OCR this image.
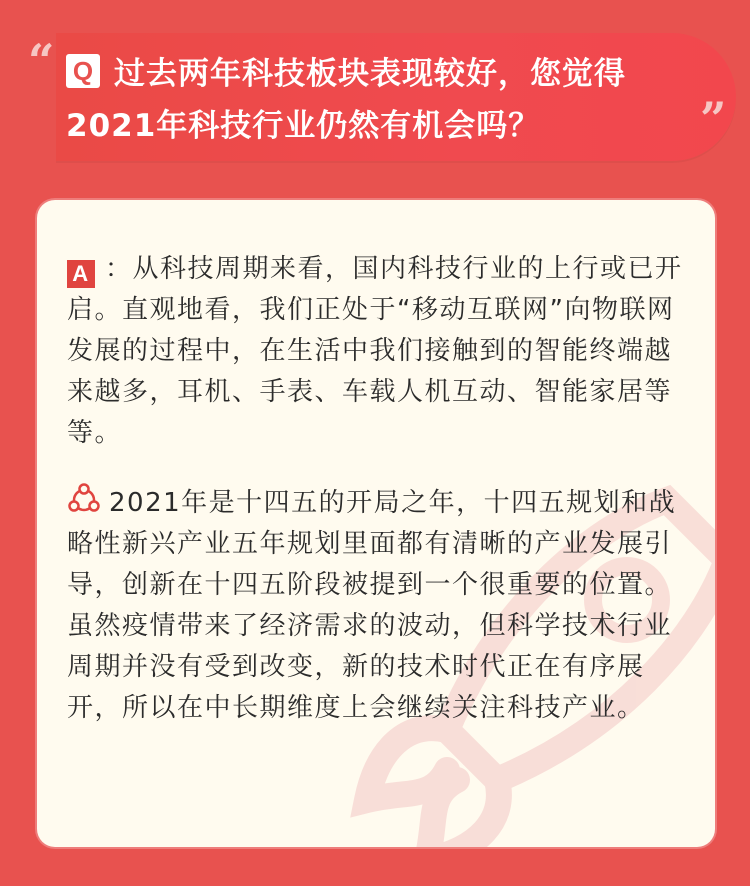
“ Q 过去两年科技板块表现较好，您觉得2021年科技行业仍然有机会吗？	”
A ：从科技周期来看，国内科技行业的上行或已开启。直观地看，我们正处于“移动互联网”向物联网发展的过程中，在生活中我们接触到的智能终端越来越多，耳机、手表、车载人机互动、智能家居等等。
2021年是十四五的开局之年，十四五规划和战略性新兴产业五年规划里面都有清晰的产业发展引导，创新在十四五阶段被提到一个很重要的位置。虽然疫情带来了经济需求的波动，但科学技术行业周期并没有受到改变，新的技术时代正在有序展开，所以在中长期维度上会继续关注科技产业。
